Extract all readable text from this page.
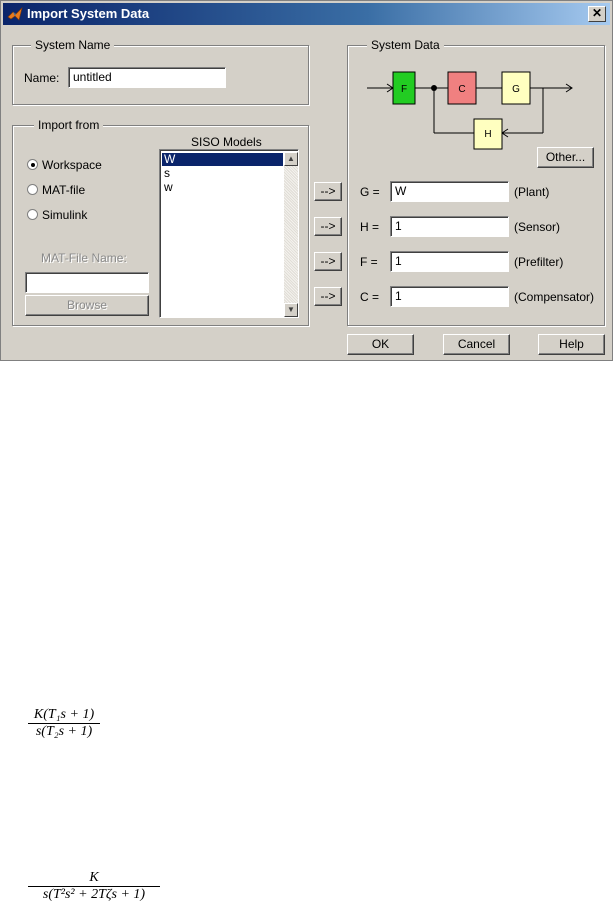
Import System Data	✕
System Name
Name:	untitled
Import from
Workspace
MAT-file
Simulink
MAT-File Name:
Browse
SISO Models
W
s
w
▲
▼
-->
-->
-->
-->
System Data
F	C	G
H
Other...
G =	W	(Plant)
H =	1	(Sensor)
F =	1	(Prefilter)
C =	1	(Compensator)
OK	Cancel	Help
K(T₁s + 1)
s(T₂s + 1)
K
s(T²s² + 2Tζs + 1)
